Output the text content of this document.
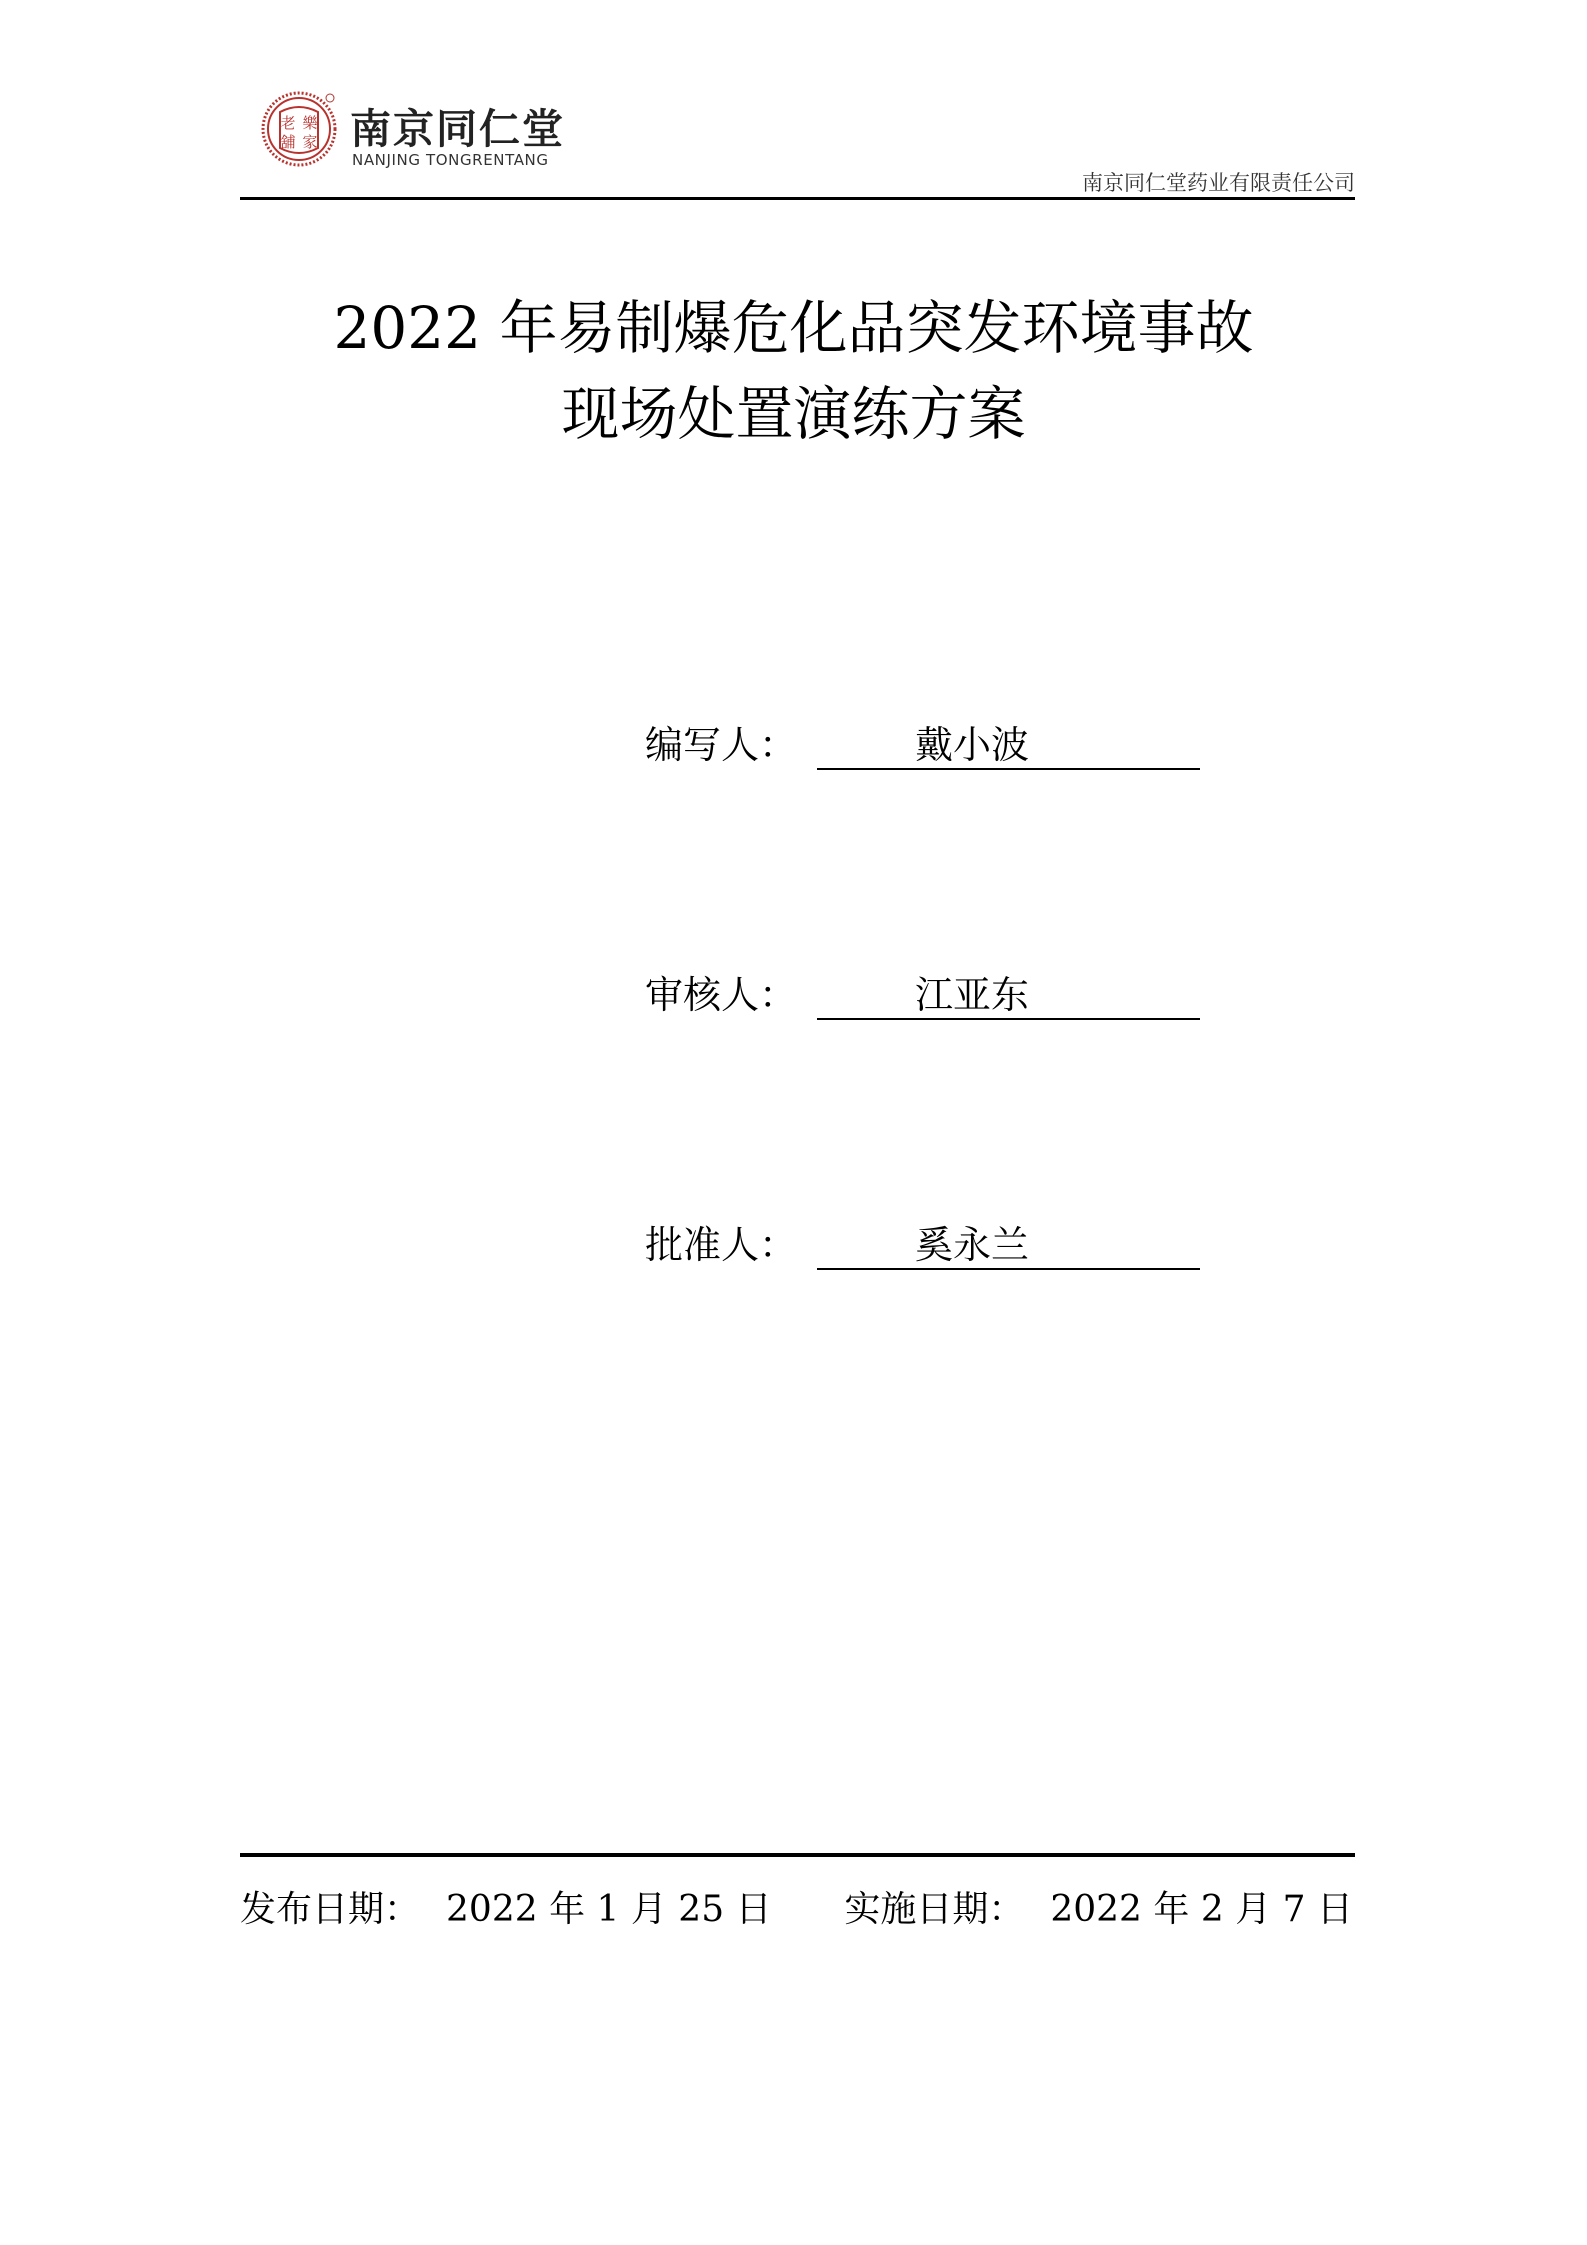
老 樂
舖 家 南京同仁堂
NANJING TONGRENTANG
南京同仁堂药业有限责任公司
2022 年易制爆危化品突发环境事故
现场处置演练方案
编写人：	戴小波
审核人：	江亚东
批准人：	奚永兰
发布日期： 2022 年 1 月 25 日 实施日期： 2022 年 2 月 7 日
